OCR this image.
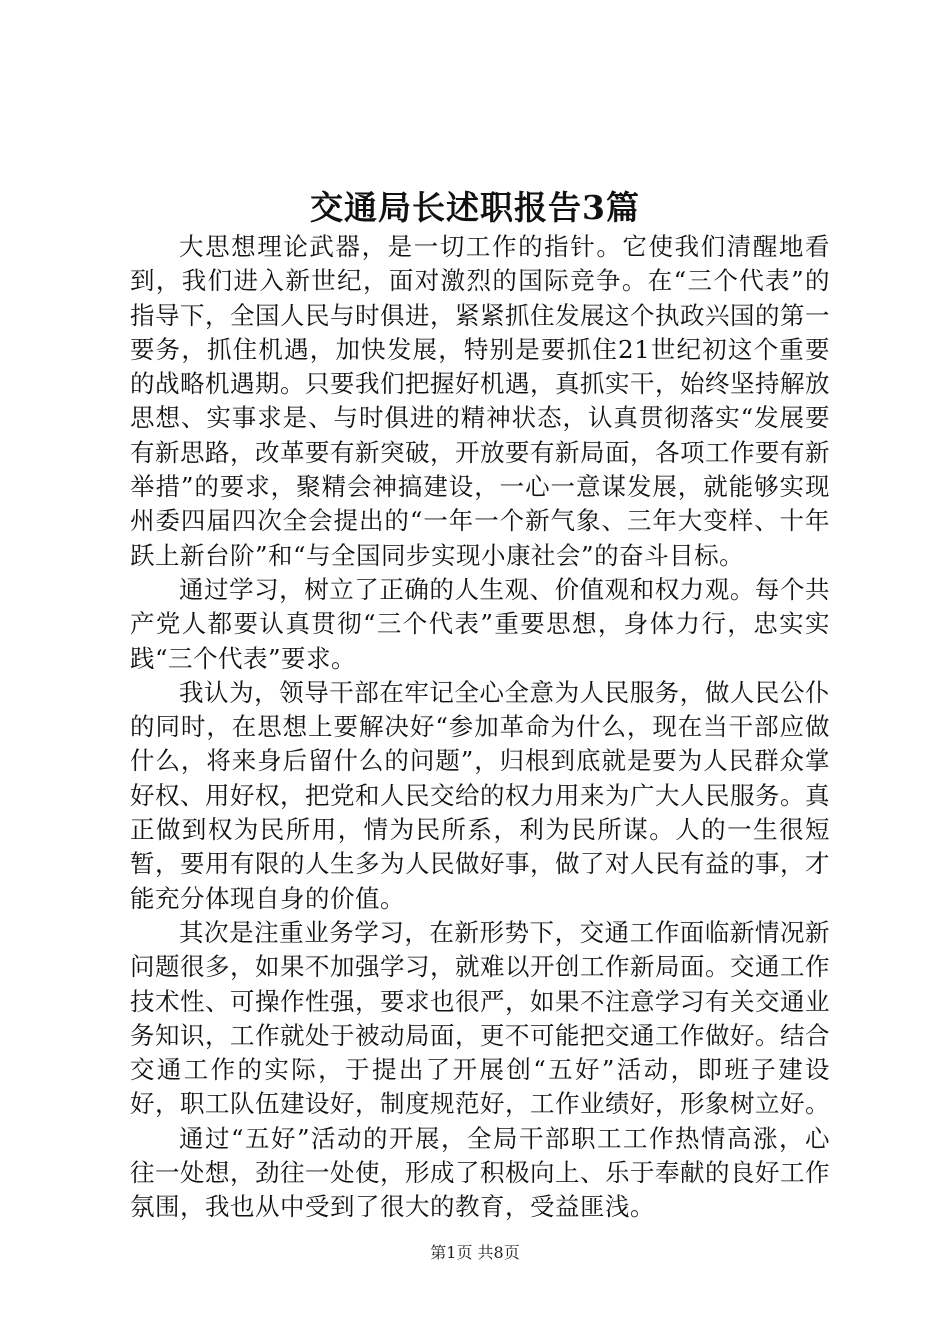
交通局长述职报告3篇

大思想理论武器，是一切工作的指针。它使我们清醒地看到，我们进入新世纪，面对激烈的国际竞争。在“三个代表”的指导下，全国人民与时俱进，紧紧抓住发展这个执政兴国的第一要务，抓住机遇，加快发展，特别是要抓住21世纪初这个重要的战略机遇期。只要我们把握好机遇，真抓实干，始终坚持解放思想、实事求是、与时俱进的精神状态，认真贯彻落实“发展要有新思路，改革要有新突破，开放要有新局面，各项工作要有新举措”的要求，聚精会神搞建设，一心一意谋发展，就能够实现州委四届四次全会提出的“一年一个新气象、三年大变样、十年跃上新台阶”和“与全国同步实现小康社会”的奋斗目标。

通过学习，树立了正确的人生观、价值观和权力观。每个共产党人都要认真贯彻“三个代表”重要思想，身体力行，忠实实践“三个代表”要求。

我认为，领导干部在牢记全心全意为人民服务，做人民公仆的同时，在思想上要解决好“参加革命为什么，现在当干部应做什么，将来身后留什么的问题”，归根到底就是要为人民群众掌好权、用好权，把党和人民交给的权力用来为广大人民服务。真正做到权为民所用，情为民所系，利为民所谋。人的一生很短暂，要用有限的人生多为人民做好事，做了对人民有益的事，才能充分体现自身的价值。

其次是注重业务学习，在新形势下，交通工作面临新情况新问题很多，如果不加强学习，就难以开创工作新局面。交通工作技术性、可操作性强，要求也很严，如果不注意学习有关交通业务知识，工作就处于被动局面，更不可能把交通工作做好。结合交通工作的实际，于提出了开展创“五好”活动，即班子建设好，职工队伍建设好，制度规范好，工作业绩好，形象树立好。

通过“五好”活动的开展，全局干部职工工作热情高涨，心往一处想，劲往一处使，形成了积极向上、乐于奉献的良好工作氛围，我也从中受到了很大的教育，受益匪浅。

第1页 共8页
